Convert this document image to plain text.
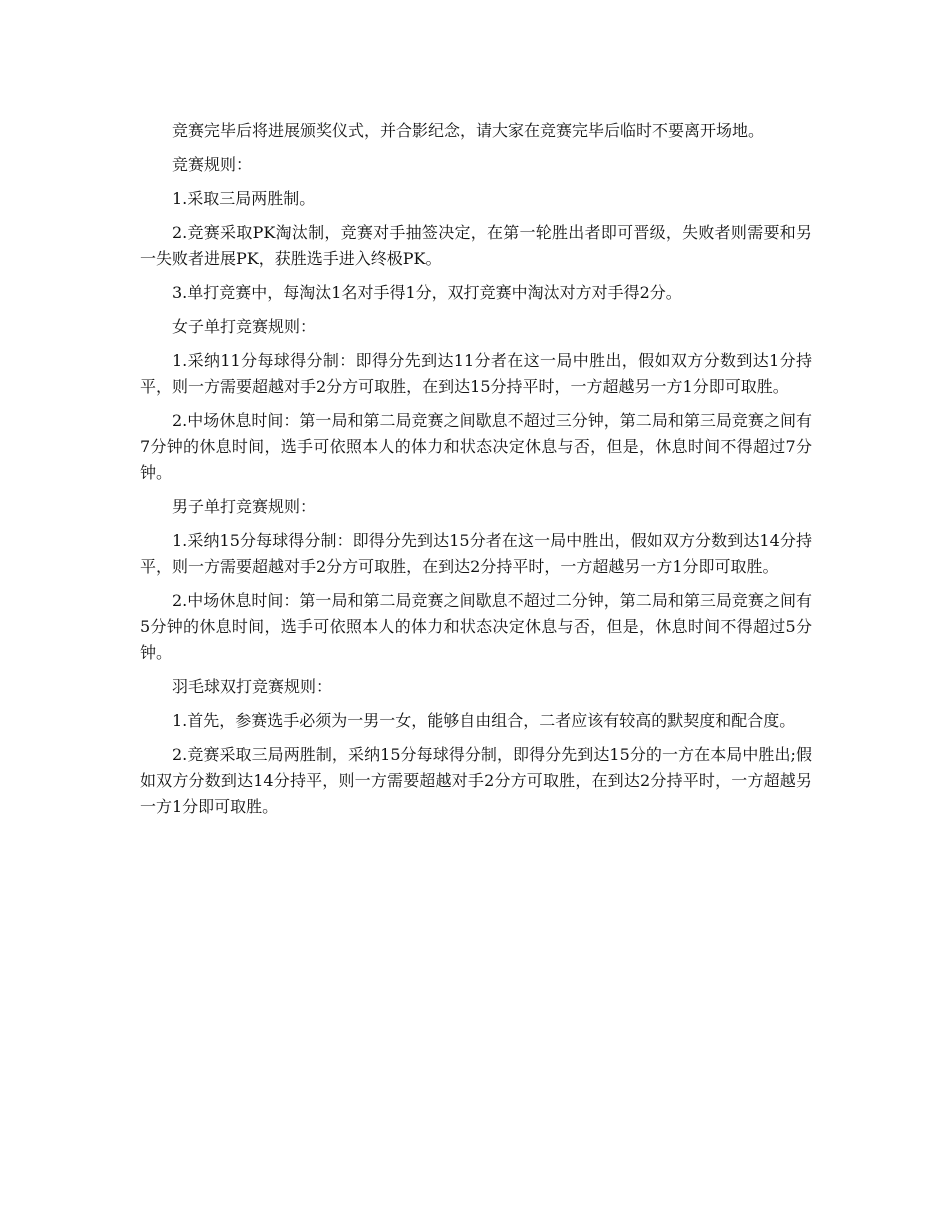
竞赛完毕后将进展颁奖仪式，并合影纪念，请大家在竞赛完毕后临时不要离开场地。

竞赛规则：

1.采取三局两胜制。

2.竞赛采取PK淘汰制，竞赛对手抽签决定，在第一轮胜出者即可晋级，失败者则需要和另一失败者进展PK，获胜选手进入终极PK。

3.单打竞赛中，每淘汰1名对手得1分，双打竞赛中淘汰对方对手得2分。

女子单打竞赛规则：

1.采纳11分每球得分制：即得分先到达11分者在这一局中胜出，假如双方分数到达1分持平，则一方需要超越对手2分方可取胜，在到达15分持平时，一方超越另一方1分即可取胜。

2.中场休息时间：第一局和第二局竞赛之间歇息不超过三分钟，第二局和第三局竞赛之间有7分钟的休息时间，选手可依照本人的体力和状态决定休息与否，但是，休息时间不得超过7分钟。

男子单打竞赛规则：

1.采纳15分每球得分制：即得分先到达15分者在这一局中胜出，假如双方分数到达14分持平，则一方需要超越对手2分方可取胜，在到达2分持平时，一方超越另一方1分即可取胜。

2.中场休息时间：第一局和第二局竞赛之间歇息不超过二分钟，第二局和第三局竞赛之间有5分钟的休息时间，选手可依照本人的体力和状态决定休息与否，但是，休息时间不得超过5分钟。

羽毛球双打竞赛规则：

1.首先，参赛选手必须为一男一女，能够自由组合，二者应该有较高的默契度和配合度。

2.竞赛采取三局两胜制，采纳15分每球得分制，即得分先到达15分的一方在本局中胜出;假如双方分数到达14分持平，则一方需要超越对手2分方可取胜，在到达2分持平时，一方超越另一方1分即可取胜。
